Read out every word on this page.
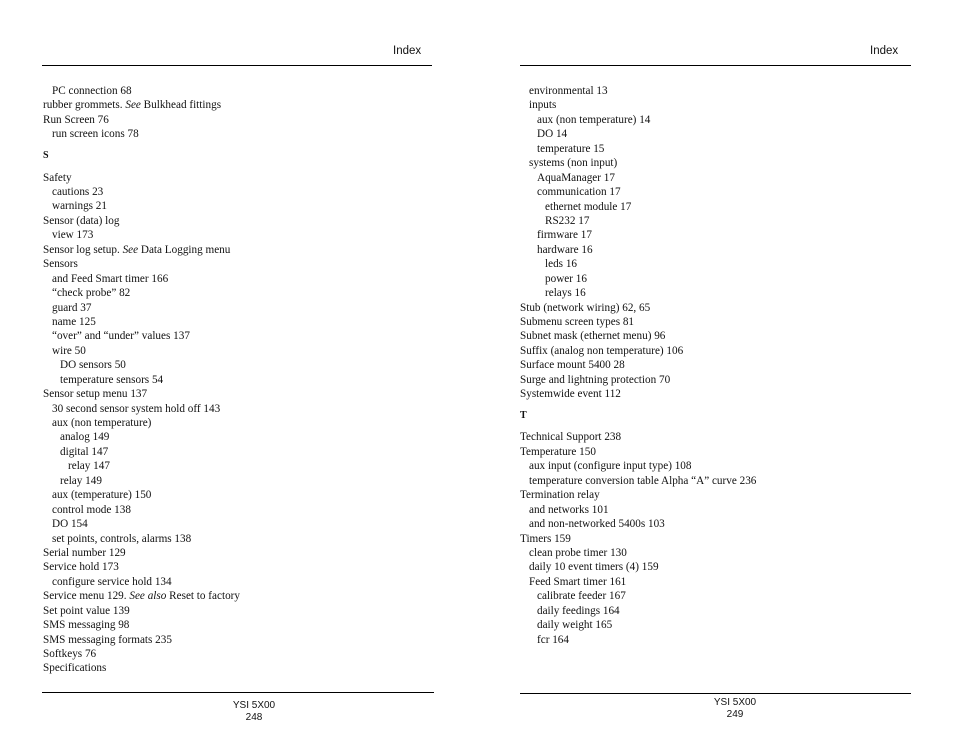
Index
PC connection 68
rubber grommets. See Bulkhead fittings
Run Screen 76
run screen icons 78
S
Safety
cautions 23
warnings 21
Sensor (data) log
view 173
Sensor log setup. See Data Logging menu
Sensors
and Feed Smart timer 166
“check probe” 82
guard 37
name 125
“over” and “under” values 137
wire 50
DO sensors 50
temperature sensors 54
Sensor setup menu 137
30 second sensor system hold off 143
aux (non temperature)
analog 149
digital 147
relay 147
relay 149
aux (temperature) 150
control mode 138
DO 154
set points, controls, alarms 138
Serial number 129
Service hold 173
configure service hold 134
Service menu 129. See also Reset to factory
Set point value 139
SMS messaging 98
SMS messaging formats 235
Softkeys 76
Specifications
YSI 5X00
248
Index
environmental 13
inputs
aux (non temperature) 14
DO 14
temperature 15
systems (non input)
AquaManager 17
communication 17
ethernet module 17
RS232 17
firmware 17
hardware 16
leds 16
power 16
relays 16
Stub (network wiring) 62, 65
Submenu screen types 81
Subnet mask (ethernet menu) 96
Suffix (analog non temperature) 106
Surface mount 5400 28
Surge and lightning protection 70
Systemwide event 112
T
Technical Support 238
Temperature 150
aux input (configure input type) 108
temperature conversion table Alpha “A” curve 236
Termination relay
and networks 101
and non-networked 5400s 103
Timers 159
clean probe timer 130
daily 10 event timers (4) 159
Feed Smart timer 161
calibrate feeder 167
daily feedings 164
daily weight 165
fcr 164
YSI 5X00
249
